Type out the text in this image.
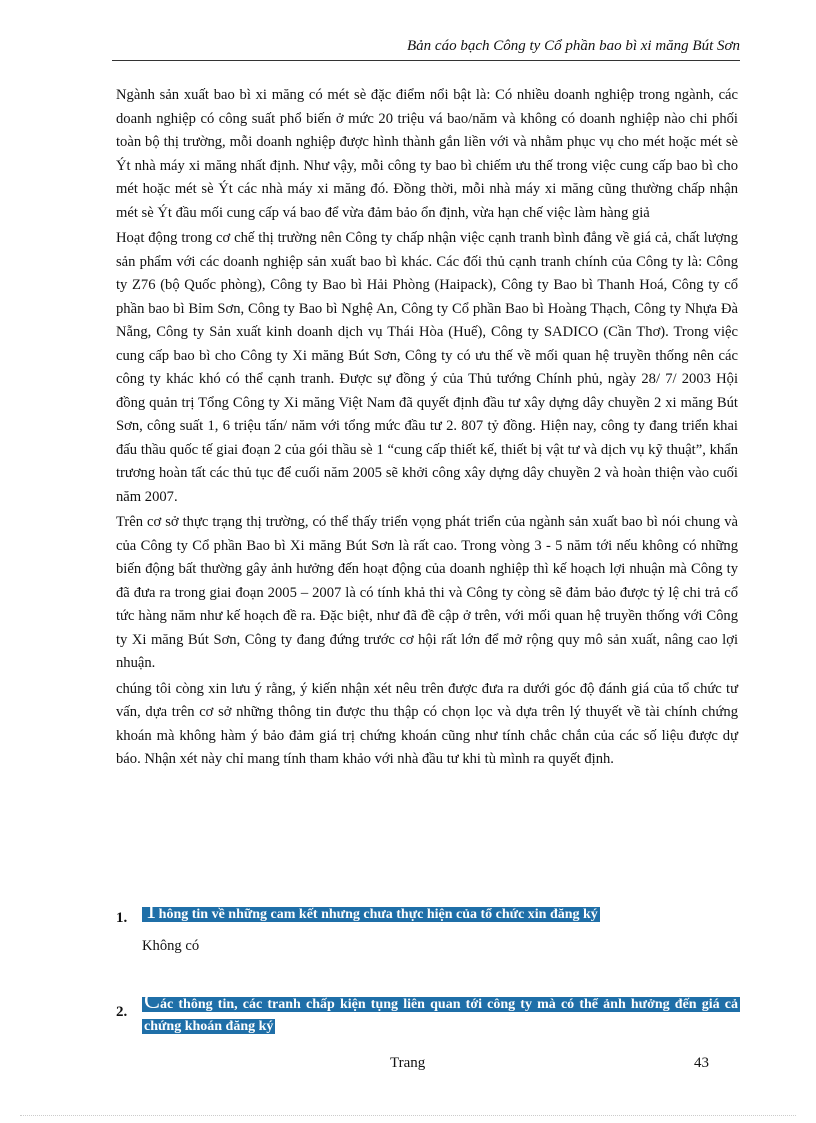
Bản cáo bạch Công ty Cổ phần bao bì xi măng Bút Sơn

Ngành sản xuất bao bì xi măng có mét sè đặc điểm nổi bật là: Có nhiều doanh nghiệp trong ngành, các doanh nghiệp có công suất phổ biến ở mức 20 triệu vá bao/năm và không có doanh nghiệp nào chi phối toàn bộ thị trường, mỗi doanh nghiệp được hình thành gắn liền với và nhằm phục vụ cho mét hoặc mét sè Ýt nhà máy xi măng nhất định. Như vậy, mỗi công ty bao bì chiếm ưu thế trong việc cung cấp bao bì cho mét hoặc mét sè Ýt các nhà máy xi măng đó. Đồng thời, mỗi nhà máy xi măng cũng thường chấp nhận mét sè Ýt đầu mối cung cấp vá bao để vừa đảm bảo ổn định, vừa hạn chế việc làm hàng giả

Hoạt động trong cơ chế thị trường nên Công ty chấp nhận việc cạnh tranh bình đẳng về giá cả, chất lượng sản phẩm với các doanh nghiệp sản xuất bao bì khác. Các đối thủ cạnh tranh chính của Công ty là: Công ty Z76 (bộ Quốc phòng), Công ty Bao bì Hải Phòng (Haipack), Công ty Bao bì Thanh Hoá, Công ty cổ phần bao bì Bỉm Sơn, Công ty Bao bì Nghệ An, Công ty Cổ phần Bao bì Hoàng Thạch, Công ty Nhựa Đà Nẵng, Công ty Sản xuất kinh doanh dịch vụ Thái Hòa (Huế), Công ty SADICO (Cần Thơ). Trong việc cung cấp bao bì cho Công ty Xi măng Bút Sơn, Công ty có ưu thế về mối quan hệ truyền thống nên các công ty khác khó có thể cạnh tranh. Được sự đồng ý của Thủ tướng Chính phủ, ngày 28/ 7/ 2003 Hội đồng quản trị Tổng Công ty Xi măng Việt Nam đã quyết định đầu tư xây dựng dây chuyền 2 xi măng Bút Sơn, công suất 1, 6 triệu tấn/ năm với tổng mức đầu tư 2. 807 tỷ đồng. Hiện nay, công ty đang triển khai đấu thầu quốc tế giai đoạn 2 của gói thầu sè 1 “cung cấp thiết kế, thiết bị vật tư và dịch vụ kỹ thuật”, khẩn trương hoàn tất các thủ tục để cuối năm 2005 sẽ khởi công xây dựng dây chuyền 2 và hoàn thiện vào cuối năm 2007.

Trên cơ sở thực trạng thị trường, có thể thấy triển vọng phát triển của ngành sản xuất bao bì nói chung và của Công ty Cổ phần Bao bì Xi măng Bút Sơn là rất cao. Trong vòng 3 - 5 năm tới nếu không có những biến động bất thường gây ảnh hưởng đến hoạt động của doanh nghiệp thì kế hoạch lợi nhuận mà Công ty đã đưa ra trong giai đoạn 2005 – 2007 là có tính khả thi và Công ty còng sẽ đảm bảo được tỷ lệ chi trả cổ tức hàng năm như kế hoạch đề ra. Đặc biệt, như đã đề cập ở trên, với mối quan hệ truyền thống với Công ty Xi măng Bút Sơn, Công ty đang đứng trước cơ hội rất lớn để mở rộng quy mô sản xuất, nâng cao lợi nhuận.

chúng tôi còng xin lưu ý rằng, ý kiến nhận xét nêu trên được đưa ra dưới góc độ đánh giá của tổ chức tư vấn, dựa trên cơ sở những thông tin được thu thập có chọn lọc và dựa trên lý thuyết về tài chính chứng khoán mà không hàm ý bảo đảm giá trị chứng khoán cũng như tính chắc chắn của các số liệu được dự báo. Nhận xét này chỉ mang tính tham khảo với nhà đầu tư khi tù mình ra quyết định.

1. Thông tin về những cam kết nhưng chưa thực hiện của tổ chức xin đăng ký
Không có
2. Các thông tin, các tranh chấp kiện tụng liên quan tới công ty mà có thể ảnh hưởng đến giá cả chứng khoán đăng ký
Trang	43
